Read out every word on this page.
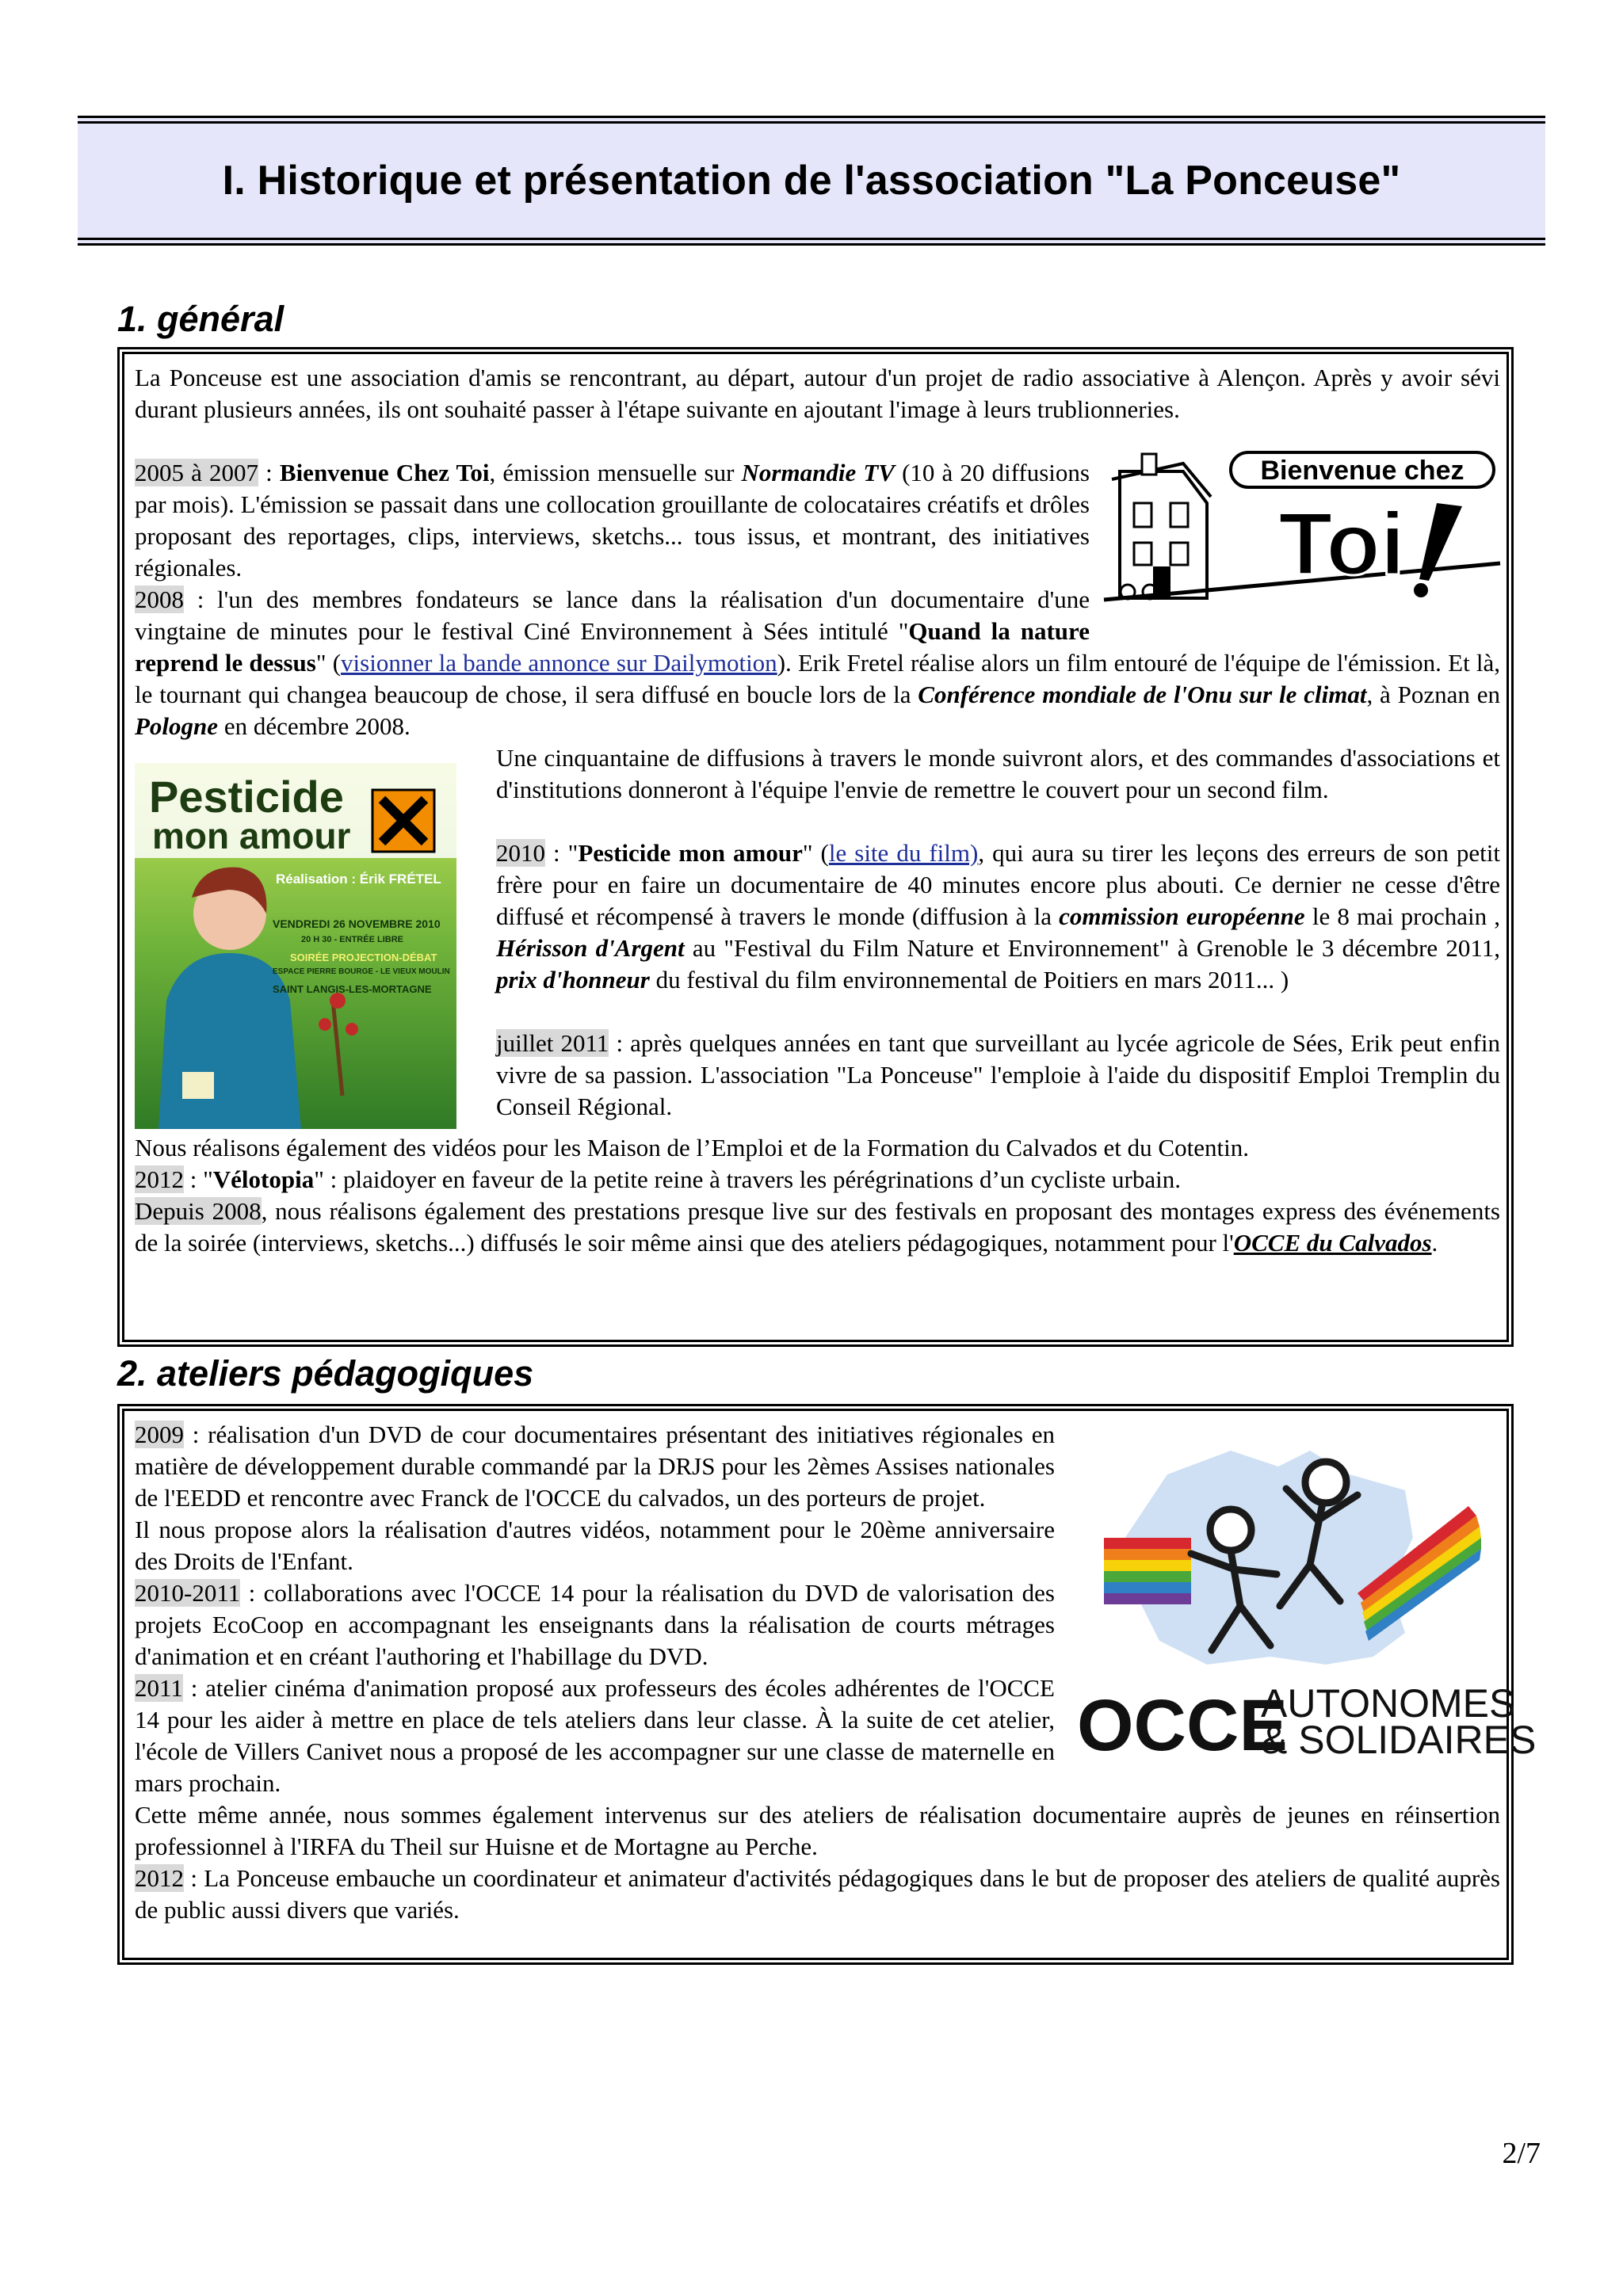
I. Historique et présentation de l'association "La Ponceuse"
1. général

La Ponceuse est une association d'amis se rencontrant, au départ, autour d'un projet de radio associative à Alençon. Après y avoir sévi durant plusieurs années, ils ont souhaité passer à l'étape suivante en ajoutant l'image à leurs trublionneries.

Bienvenue chez
Toi

2005 à 2007 : Bienvenue Chez Toi, émission mensuelle sur Normandie TV (10 à 20 diffusions par mois). L'émission se passait dans une collocation grouillante de colocataires créatifs et drôles proposant des reportages, clips, interviews, sketchs... tous issus, et montrant, des initiatives régionales.

2008 : l'un des membres fondateurs se lance dans la réalisation d'un documentaire d'une vingtaine de minutes pour le festival Ciné Environnement à Sées intitulé "Quand la nature reprend le dessus" (visionner la bande annonce sur Dailymotion). Erik Fretel réalise alors un film entouré de l'équipe de l'émission. Et là, le tournant qui changea beaucoup de chose, il sera diffusé en boucle lors de la Conférence mondiale de l'Onu sur le climat, à Poznan en Pologne en décembre 2008.

Pesticide
mon amour
Réalisation : Érik FRÉTEL
VENDREDI 26 NOVEMBRE 2010
20 H 30 - ENTRÉE LIBRE
SOIRÉE PROJECTION-DÉBAT
ESPACE PIERRE BOURGE - LE VIEUX MOULIN
SAINT LANGIS-LES-MORTAGNE

Une cinquantaine de diffusions à travers le monde suivront alors, et des commandes d'associations et d'institutions donneront à l'équipe l'envie de remettre le couvert pour un second film.

2010 : "Pesticide mon amour" (le site du film), qui aura su tirer les leçons des erreurs de son petit frère pour en faire un documentaire de 40 minutes encore plus abouti. Ce dernier ne cesse d'être diffusé et récompensé à travers le monde (diffusion à la commission européenne le 8 mai prochain , Hérisson d'Argent au "Festival du Film Nature et Environnement" à Grenoble le 3 décembre 2011, prix d'honneur du festival du film environnemental de Poitiers en mars 2011... )

juillet 2011 : après quelques années en tant que surveillant au lycée agricole de Sées, Erik peut enfin vivre de sa passion. L'association "La Ponceuse" l'emploie à l'aide du dispositif Emploi Tremplin du Conseil Régional.

Nous réalisons également des vidéos pour les Maison de l’Emploi et de la Formation du Calvados et du Cotentin.

2012 : "Vélotopia" : plaidoyer en faveur de la petite reine à travers les pérégrinations d’un cycliste urbain.

Depuis 2008, nous réalisons également des prestations presque live sur des festivals en proposant des montages express des événements de la soirée (interviews, sketchs...) diffusés le soir même ainsi que des ateliers pédagogiques, notamment pour l'OCCE du Calvados.

2. ateliers pédagogiques
OCCE
AUTONOMES
& SOLIDAIRES

2009 : réalisation d'un DVD de cour documentaires présentant des initiatives régionales en matière de développement durable commandé par la DRJS pour les 2èmes Assises nationales de l'EEDD et rencontre avec Franck de l'OCCE du calvados, un des porteurs de projet.

Il nous propose alors la réalisation d'autres vidéos, notamment pour le 20ème anniversaire des Droits de l'Enfant.

2010-2011 : collaborations avec l'OCCE 14 pour la réalisation du DVD de valorisation des projets EcoCoop en accompagnant les enseignants dans la réalisation de courts métrages d'animation et en créant l'authoring et l'habillage du DVD.

2011 : atelier cinéma d'animation proposé aux professeurs des écoles adhérentes de l'OCCE 14 pour les aider à mettre en place de tels ateliers dans leur classe. À la suite de cet atelier, l'école de Villers Canivet nous a proposé de les accompagner sur une classe de maternelle en mars prochain.

Cette même année, nous sommes également intervenus sur des ateliers de réalisation documentaire auprès de jeunes en réinsertion professionnel à l'IRFA du Theil sur Huisne et de Mortagne au Perche.

2012 : La Ponceuse embauche un coordinateur et animateur d'activités pédagogiques dans le but de proposer des ateliers de qualité auprès de public aussi divers que variés.

2/7
